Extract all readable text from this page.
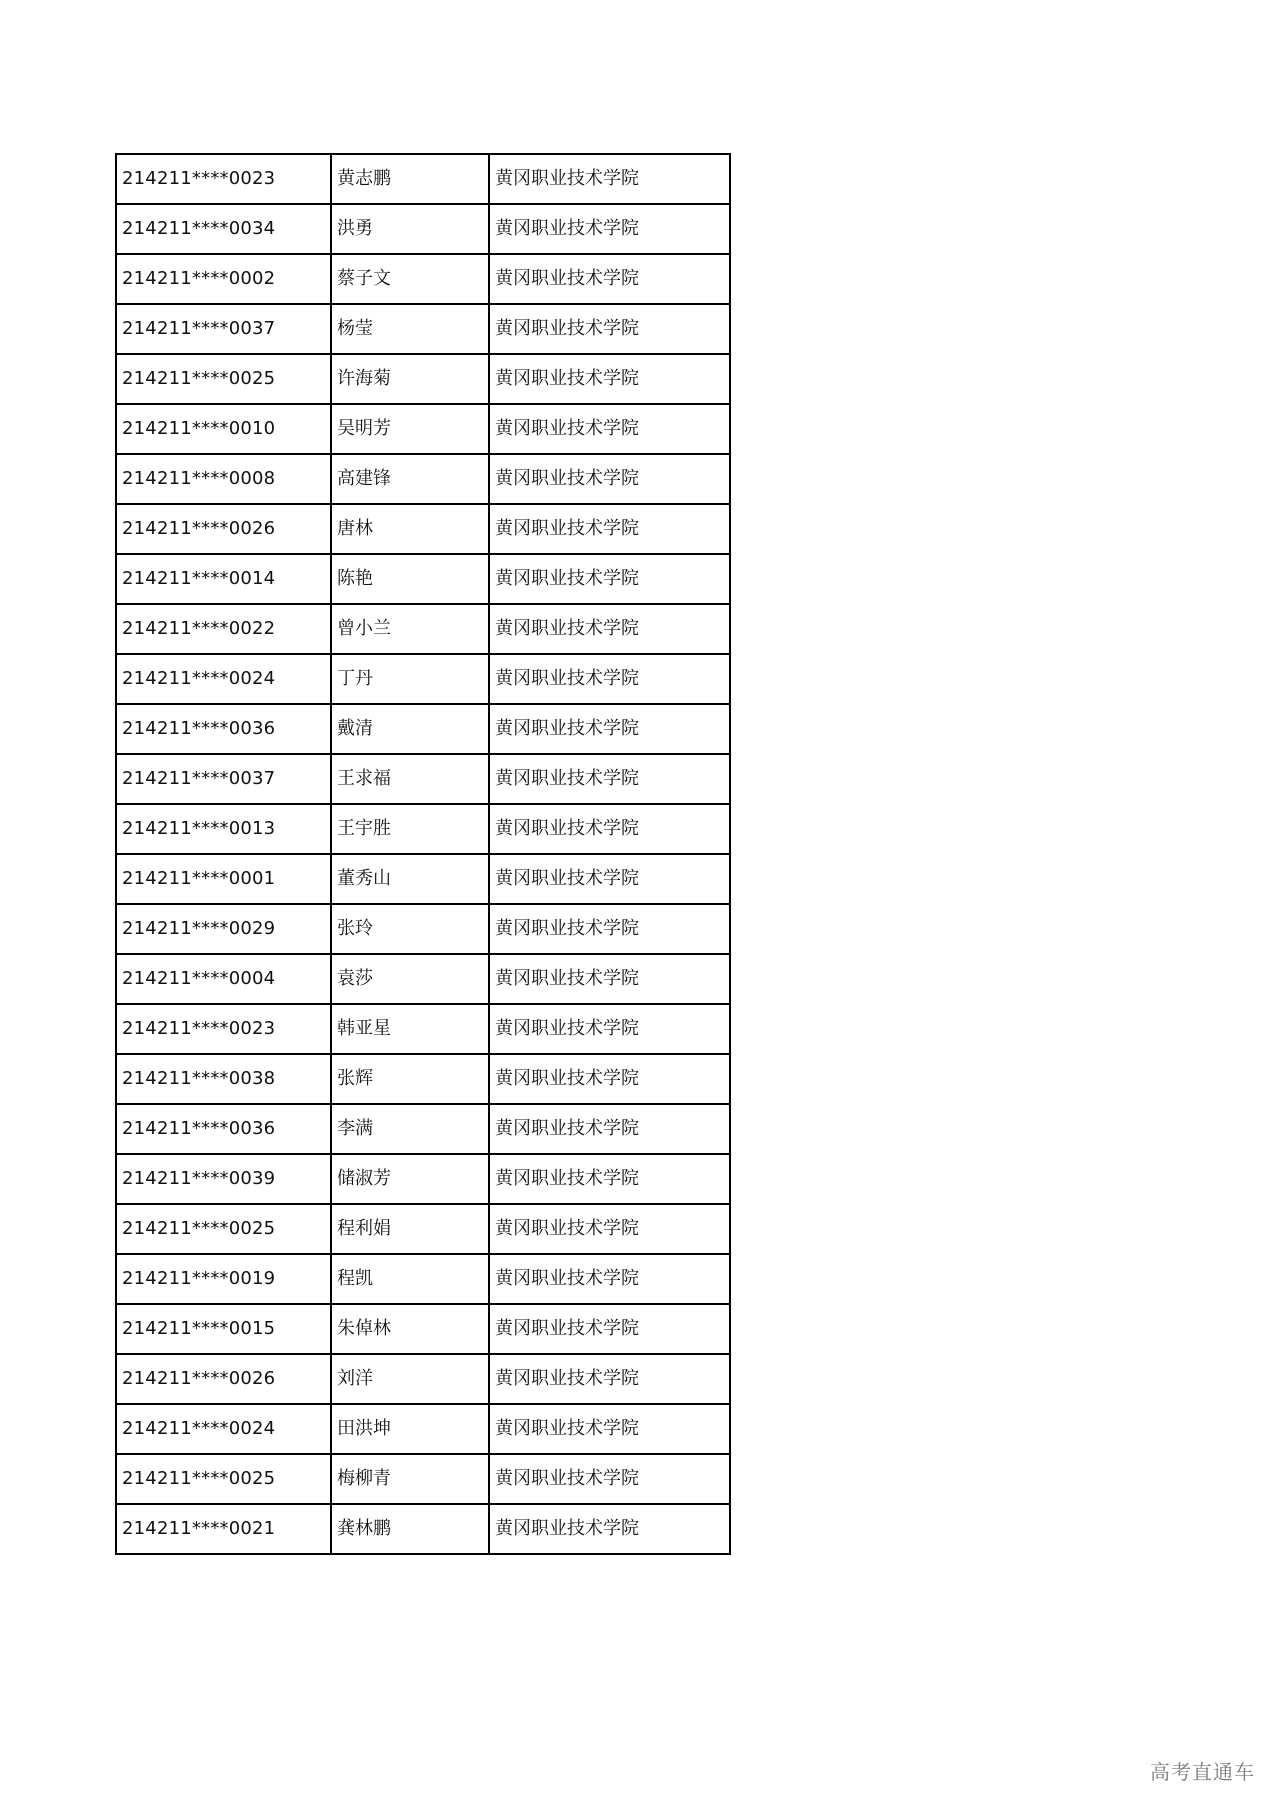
214211****0023	黄志鹏	黄冈职业技术学院
214211****0034	洪勇	黄冈职业技术学院
214211****0002	蔡子文	黄冈职业技术学院
214211****0037	杨莹	黄冈职业技术学院
214211****0025	许海菊	黄冈职业技术学院
214211****0010	吴明芳	黄冈职业技术学院
214211****0008	高建锋	黄冈职业技术学院
214211****0026	唐林	黄冈职业技术学院
214211****0014	陈艳	黄冈职业技术学院
214211****0022	曾小兰	黄冈职业技术学院
214211****0024	丁丹	黄冈职业技术学院
214211****0036	戴清	黄冈职业技术学院
214211****0037	王求福	黄冈职业技术学院
214211****0013	王宇胜	黄冈职业技术学院
214211****0001	董秀山	黄冈职业技术学院
214211****0029	张玲	黄冈职业技术学院
214211****0004	袁莎	黄冈职业技术学院
214211****0023	韩亚星	黄冈职业技术学院
214211****0038	张辉	黄冈职业技术学院
214211****0036	李满	黄冈职业技术学院
214211****0039	储淑芳	黄冈职业技术学院
214211****0025	程利娟	黄冈职业技术学院
214211****0019	程凯	黄冈职业技术学院
214211****0015	朱倬林	黄冈职业技术学院
214211****0026	刘洋	黄冈职业技术学院
214211****0024	田洪坤	黄冈职业技术学院
214211****0025	梅柳青	黄冈职业技术学院
214211****0021	龚林鹏	黄冈职业技术学院
高考直通车
